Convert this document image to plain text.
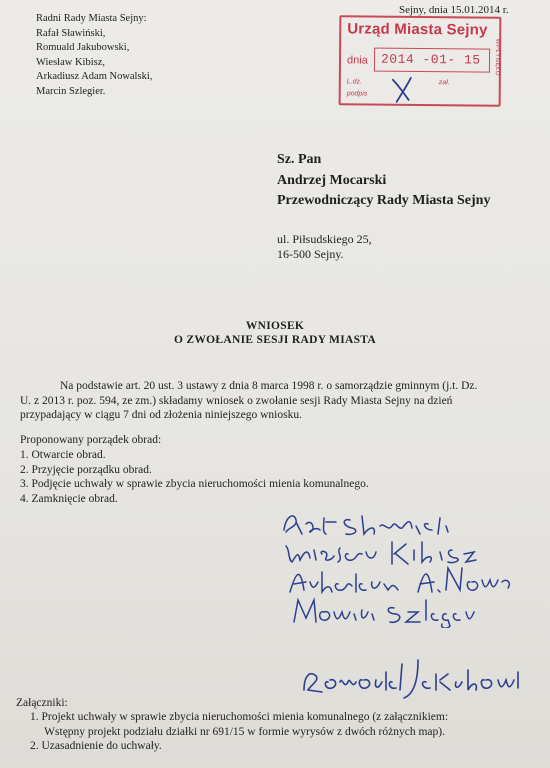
Radni Rady Miasta Sejny:
Rafał Sławiński,
Romuald Jakubowski,
Wiesław Kibisz,
Arkadiusz Adam Nowalski,
Marcin Szlegier.
Sejny, dnia 15.01.2014 r.
Urząd Miasta Sejny
WPŁYNĘŁO
dnia 2014 -01- 15
L.dz.	zał.
podpis
Sz. Pan
Andrzej Mocarski
Przewodniczący Rady Miasta Sejny
ul. Piłsudskiego 25,
16-500 Sejny.
WNIOSEK
O ZWOŁANIE SESJI RADY MIASTA
Na podstawie art. 20 ust. 3 ustawy z dnia 8 marca 1998 r. o samorządzie gminnym (j.t. Dz.
U. z 2013 r. poz. 594, ze zm.) składamy wniosek o zwołanie sesji Rady Miasta Sejny na dzień
przypadający w ciągu 7 dni od złożenia niniejszego wniosku.
Proponowany porządek obrad:
1. Otwarcie obrad.
2. Przyjęcie porządku obrad.
3. Podjęcie uchwały w sprawie zbycia nieruchomości mienia komunalnego.
4. Zamknięcie obrad.
Załączniki:
1. Projekt uchwały w sprawie zbycia nieruchomości mienia komunalnego (z załącznikiem:
Wstępny projekt podziału działki nr 691/15 w formie wyrysów z dwóch różnych map).
2. Uzasadnienie do uchwały.
